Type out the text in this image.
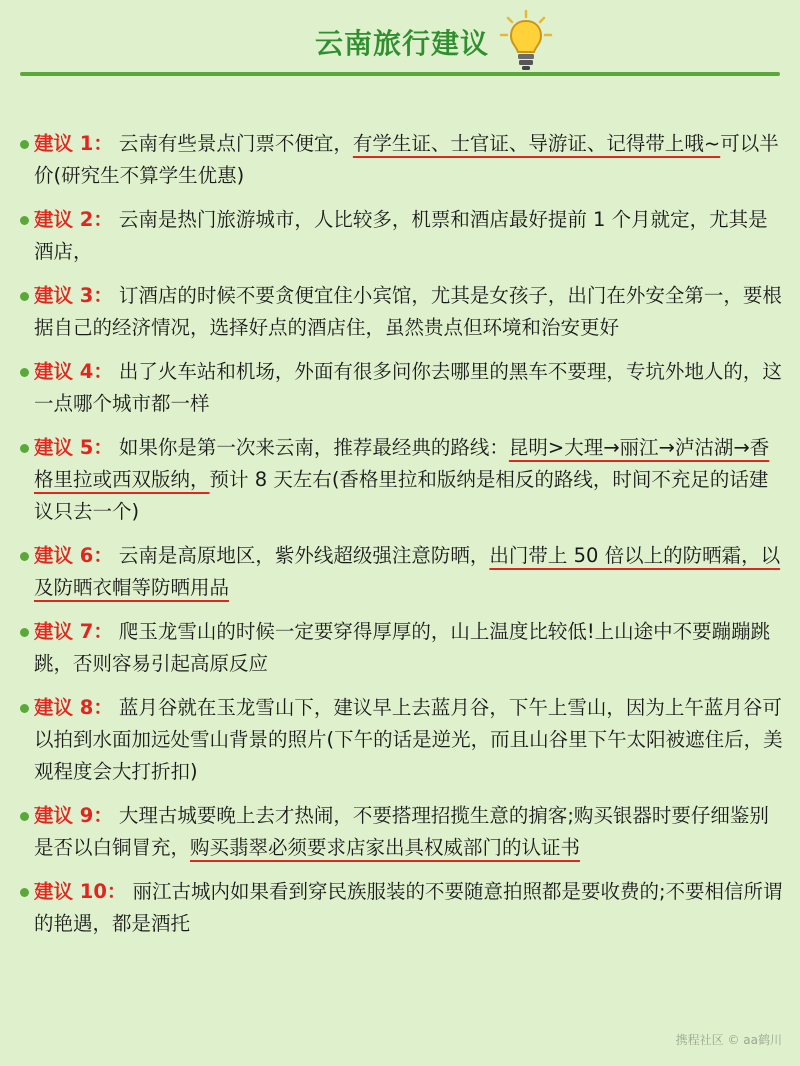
云南旅行建议
建议 1： 云南有些景点门票不便宜，有学生证、士官证、导游证、记得带上哦~可以半价(研究生不算学生优惠)
建议 2： 云南是热门旅游城市，人比较多，机票和酒店最好提前 1 个月就定，尤其是酒店，
建议 3： 订酒店的时候不要贪便宜住小宾馆，尤其是女孩子，出门在外安全第一，要根据自己的经济情况，选择好点的酒店住，虽然贵点但环境和治安更好
建议 4： 出了火车站和机场，外面有很多问你去哪里的黑车不要理，专坑外地人的，这一点哪个城市都一样
建议 5： 如果你是第一次来云南，推荐最经典的路线：昆明>大理→丽江→泸沽湖→香格里拉或西双版纳，预计 8 天左右(香格里拉和版纳是相反的路线，时间不充足的话建议只去一个)
建议 6： 云南是高原地区，紫外线超级强注意防晒，出门带上 50 倍以上的防晒霜，以及防晒衣帽等防晒用品
建议 7： 爬玉龙雪山的时候一定要穿得厚厚的，山上温度比较低!上山途中不要蹦蹦跳跳，否则容易引起高原反应
建议 8： 蓝月谷就在玉龙雪山下，建议早上去蓝月谷，下午上雪山，因为上午蓝月谷可以拍到水面加远处雪山背景的照片(下午的话是逆光，而且山谷里下午太阳被遮住后，美观程度会大打折扣)
建议 9： 大理古城要晚上去才热闹，不要搭理招揽生意的掮客;购买银器时要仔细鉴别是否以白铜冒充，购买翡翠必须要求店家出具权威部门的认证书
建议 10： 丽江古城内如果看到穿民族服装的不要随意拍照都是要收费的;不要相信所谓的艳遇，都是酒托
携程社区 © aa鹤川
